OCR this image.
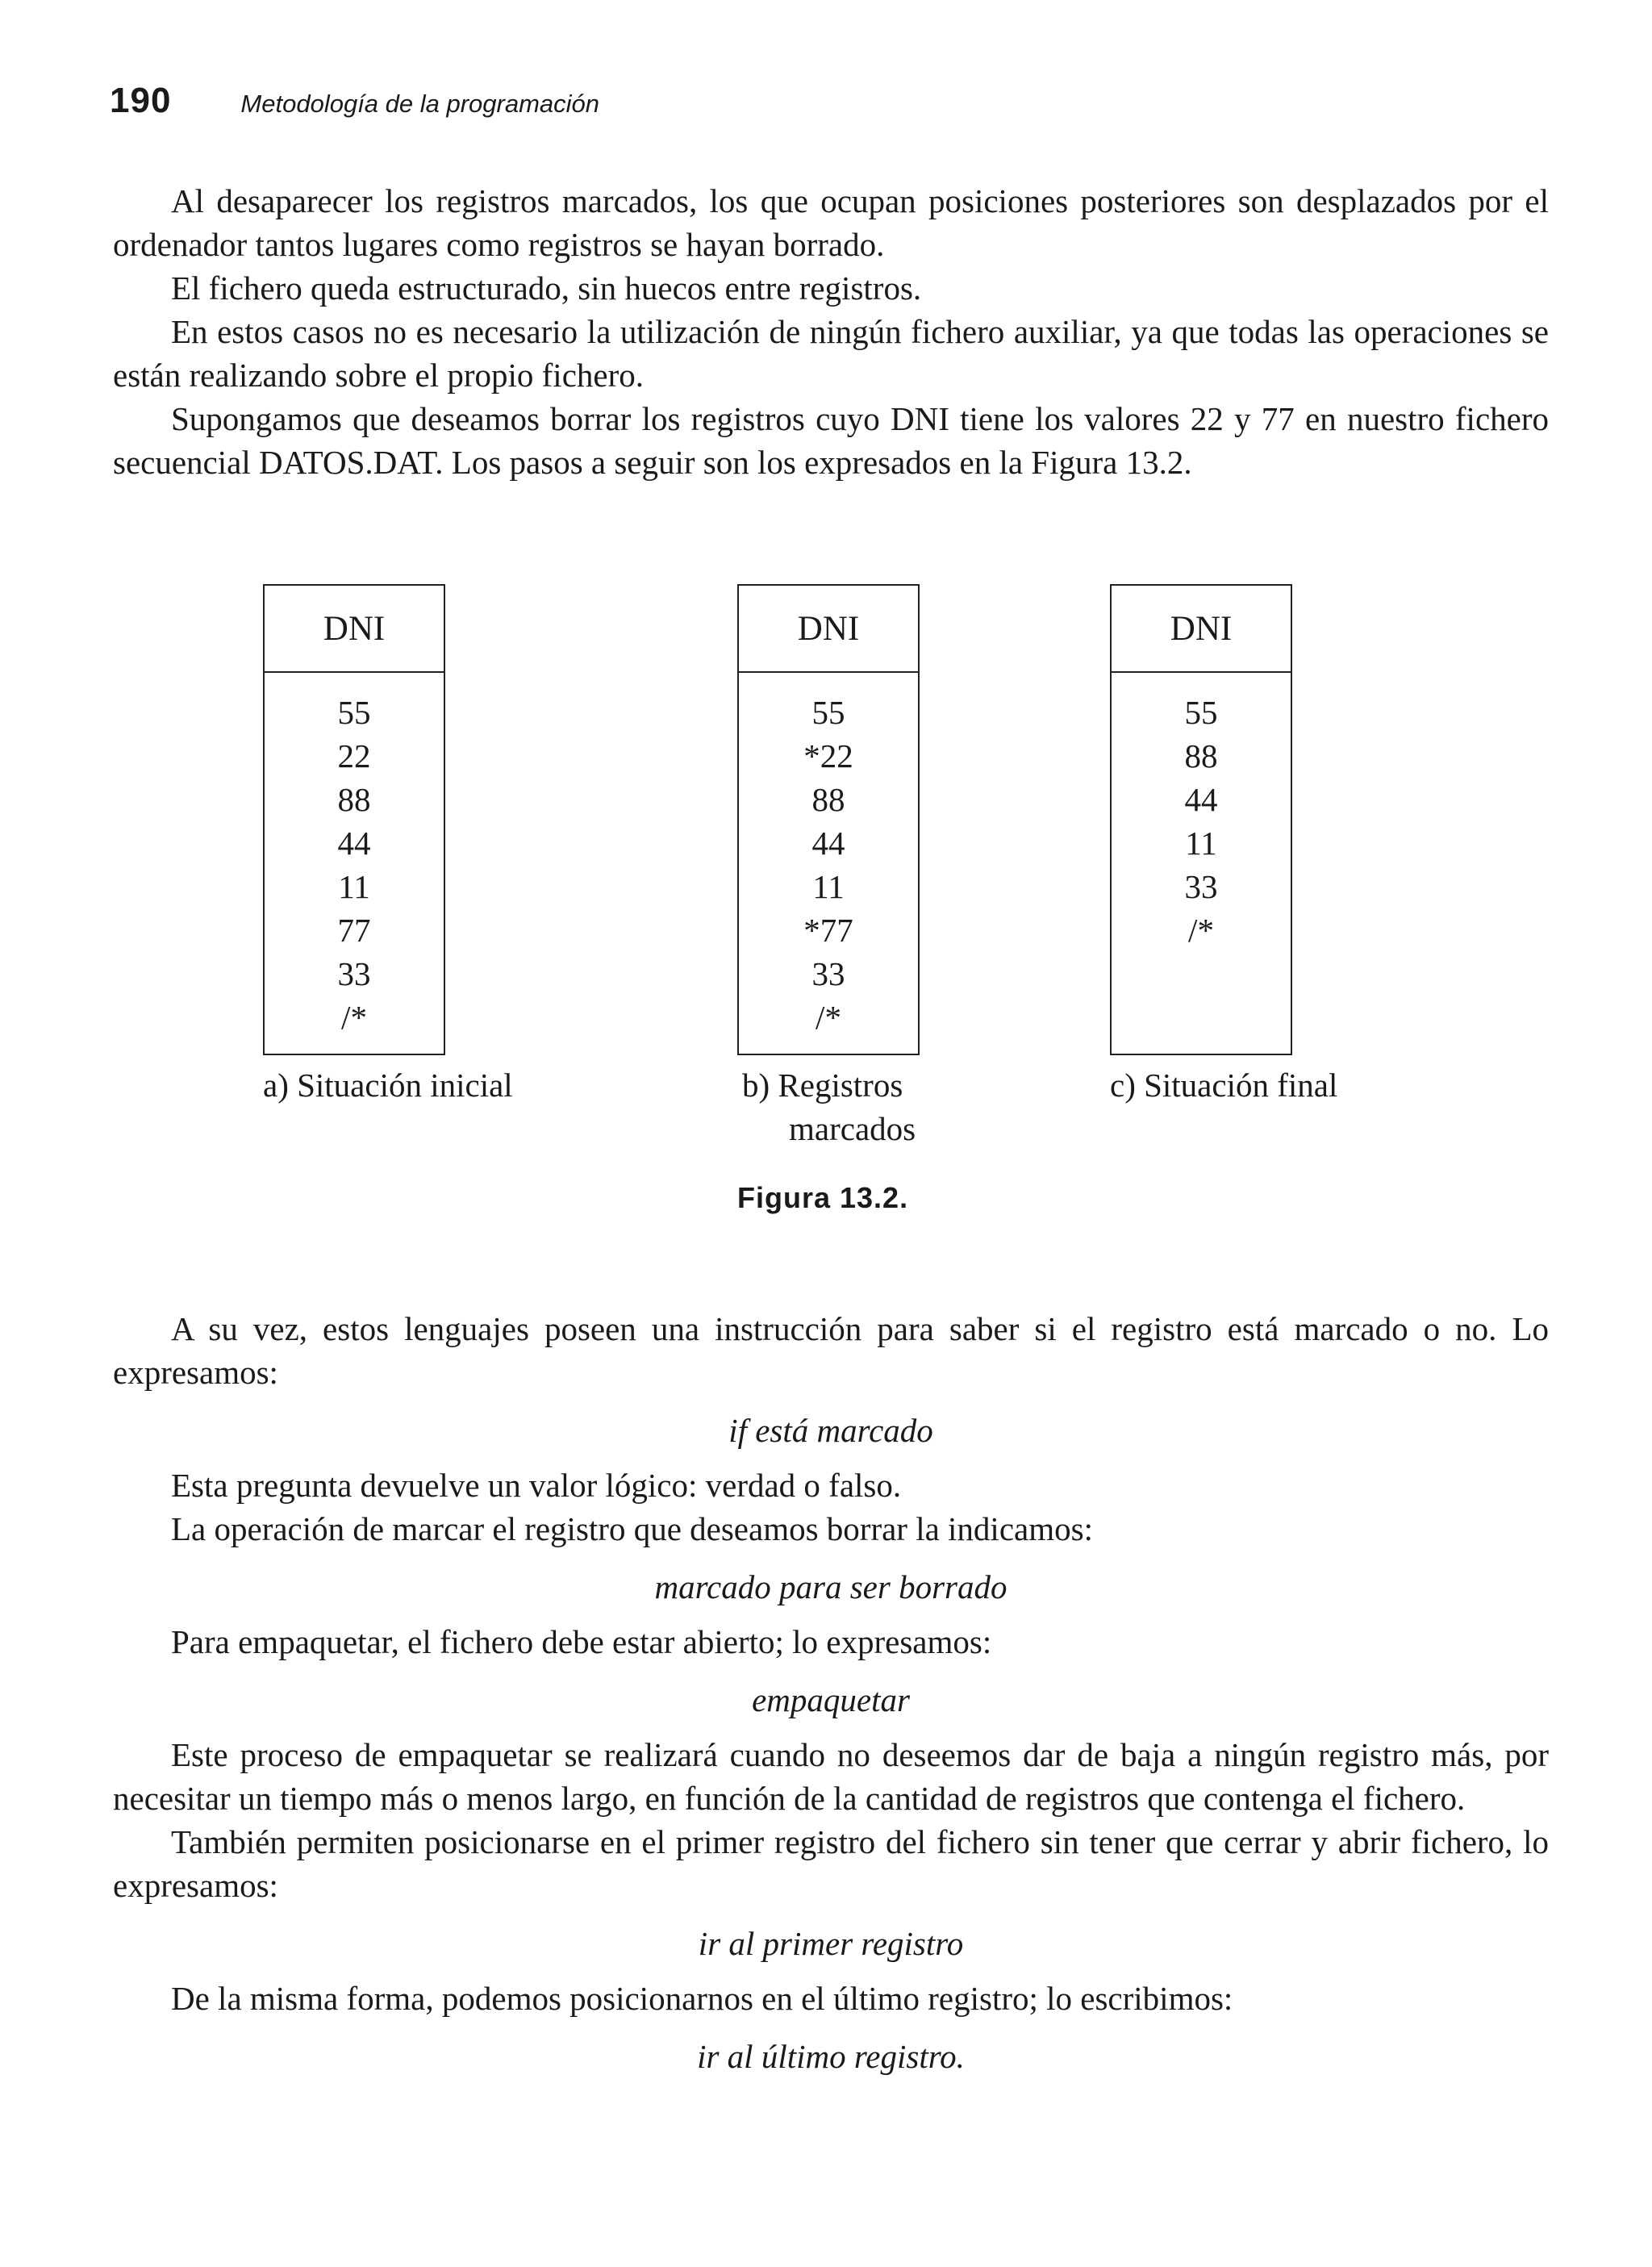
190	Metodología de la programación

Al desaparecer los registros marcados, los que ocupan posiciones posteriores son desplazados por el ordenador tantos lugares como registros se hayan borrado.

El fichero queda estructurado, sin huecos entre registros.

En estos casos no es necesario la utilización de ningún fichero auxiliar, ya que todas las operaciones se están realizando sobre el propio fichero.

Supongamos que deseamos borrar los registros cuyo DNI tiene los valores 22 y 77 en nuestro fichero secuencial DATOS.DAT. Los pasos a seguir son los expresados en la Figura 13.2.

DNI
55
22
88
44
11
77
33
/*
DNI
55
*22
88
44
11
*77
33
/*
DNI
55
88
44
11
33
/*
a) Situación inicial	b) Registros
marcados
c) Situación final
Figura 13.2.

A su vez, estos lenguajes poseen una instrucción para saber si el registro está marcado o no. Lo expresamos:

if está marcado

Esta pregunta devuelve un valor lógico: verdad o falso.

La operación de marcar el registro que deseamos borrar la indicamos:

marcado para ser borrado

Para empaquetar, el fichero debe estar abierto; lo expresamos:

empaquetar

Este proceso de empaquetar se realizará cuando no deseemos dar de baja a ningún registro más, por necesitar un tiempo más o menos largo, en función de la cantidad de registros que contenga el fichero.

También permiten posicionarse en el primer registro del fichero sin tener que cerrar y abrir fichero, lo expresamos:

ir al primer registro

De la misma forma, podemos posicionarnos en el último registro; lo escribimos:

ir al último registro.
